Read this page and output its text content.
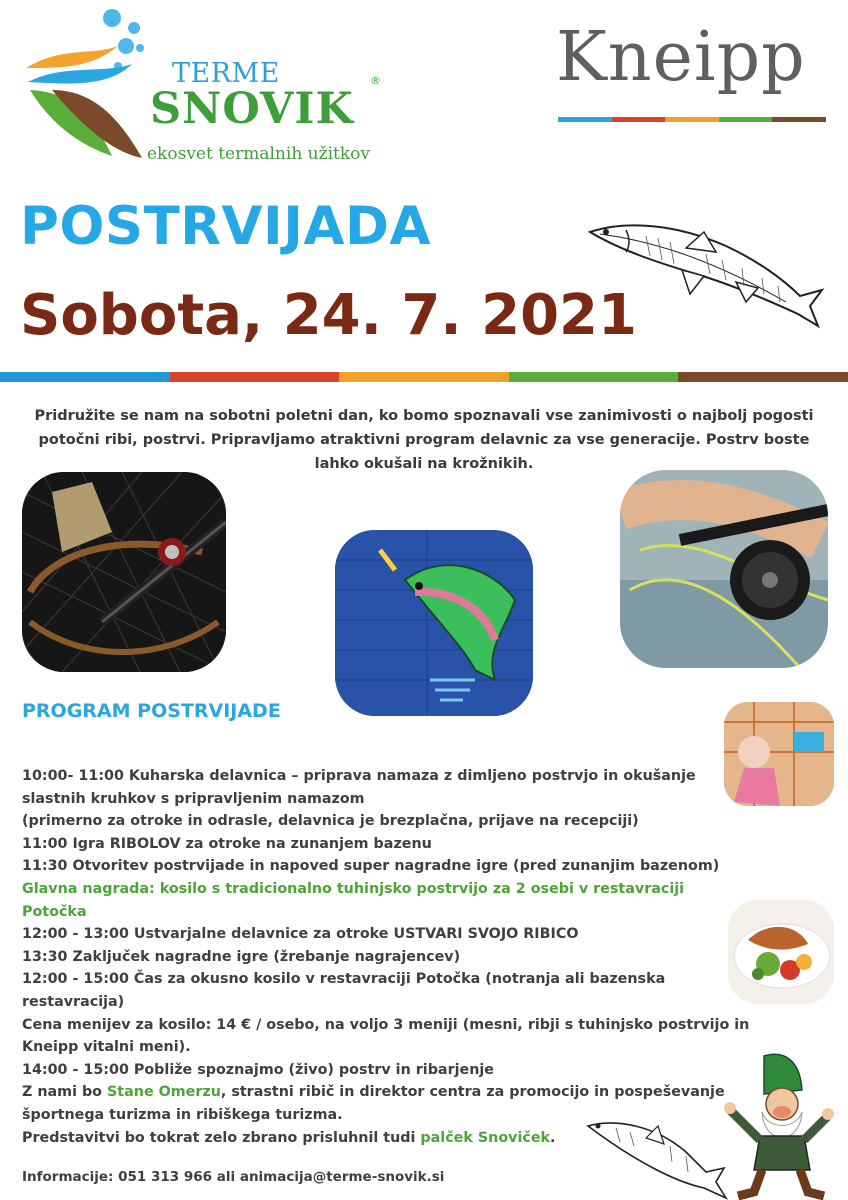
TERME
SNOVIK
®
ekosvet termalnih užitkov
Kneipp
POSTRVIJADA
Sobota, 24. 7. 2021
Pridružite se nam na sobotni poletni dan, ko bomo spoznavali vse zanimivosti o najbolj pogosti potočni ribi, postrvi. Pripravljamo atraktivni program delavnic za vse generacije. Postrv boste lahko okušali na krožnikih.
PROGRAM POSTRVIJADE
10:00- 11:00 Kuharska delavnica – priprava namaza z dimljeno postrvjo in okušanje
slastnih kruhkov s pripravljenim namazom
(primerno za otroke in odrasle, delavnica je brezplačna, prijave na recepciji)
11:00 Igra RIBOLOV za otroke na zunanjem bazenu
11:30 Otvoritev postrvijade in napoved super nagradne igre (pred zunanjim bazenom)
Glavna nagrada: kosilo s tradicionalno tuhinjsko postrvijo za 2 osebi v restavraciji
Potočka
12:00 - 13:00 Ustvarjalne delavnice za otroke USTVARI SVOJO RIBICO
13:30 Zaključek nagradne igre (žrebanje nagrajencev)
12:00 - 15:00 Čas za okusno kosilo v restavraciji Potočka (notranja ali bazenska
restavracija)
Cena menijev za kosilo: 14 € / osebo, na voljo 3 meniji (mesni, ribji s tuhinjsko postrvijo in
Kneipp vitalni meni).
14:00 - 15:00 Pobliže spoznajmo (živo) postrv in ribarjenje
Z nami bo Stane Omerzu, strastni ribič in direktor centra za promocijo in pospeševanje
športnega turizma in ribiškega turizma.
Predstavitvi bo tokrat zelo zbrano prisluhnil tudi palček Snoviček.
Informacije: 051 313 966 ali animacija@terme-snovik.si
